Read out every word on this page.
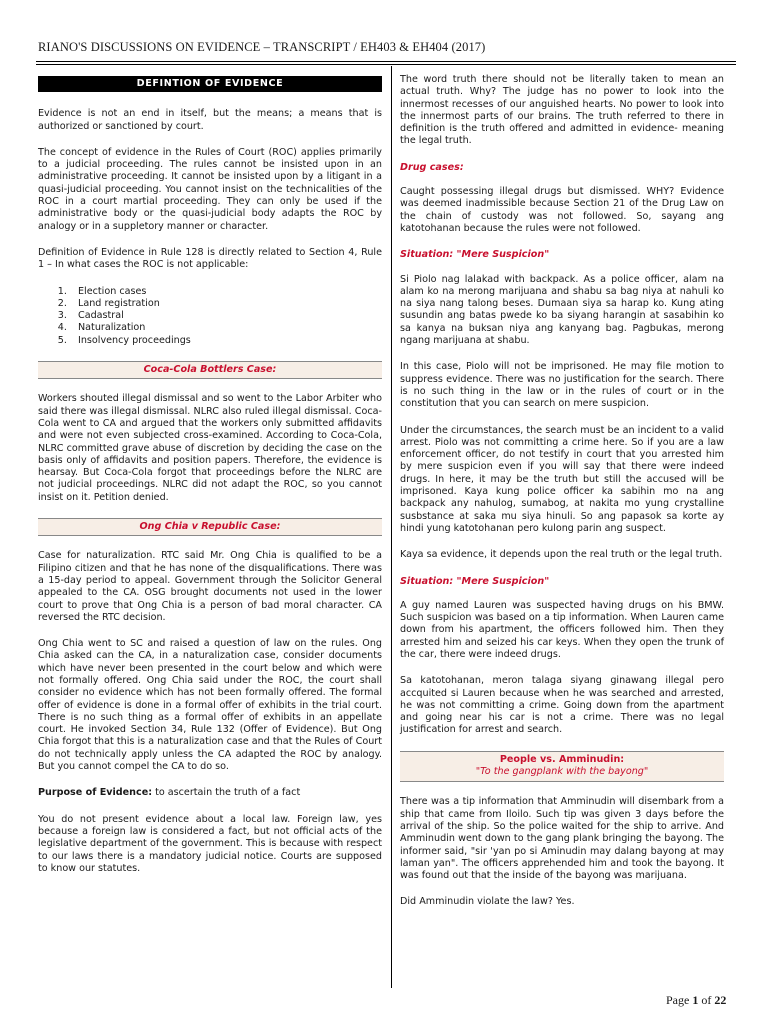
RIANO'S DISCUSSIONS ON EVIDENCE – TRANSCRIPT / EH403 & EH404 (2017)
DEFINTION OF EVIDENCE

Evidence is not an end in itself, but the means; a means that is authorized or sanctioned by court.

The concept of evidence in the Rules of Court (ROC) applies primarily to a judicial proceeding. The rules cannot be insisted upon in an administrative proceeding. It cannot be insisted upon by a litigant in a quasi-judicial proceeding. You cannot insist on the technicalities of the ROC in a court martial proceeding. They can only be used if the administrative body or the quasi-judicial body adapts the ROC by analogy or in a suppletory manner or character.

Definition of Evidence in Rule 128 is directly related to Section 4, Rule 1 – In what cases the ROC is not applicable:

1. Election cases
2. Land registration
3. Cadastral
4. Naturalization
5. Insolvency proceedings
Coca-Cola Bottlers Case:

Workers shouted illegal dismissal and so went to the Labor Arbiter who said there was illegal dismissal. NLRC also ruled illegal dismissal. Coca-Cola went to CA and argued that the workers only submitted affidavits and were not even subjected cross-examined. According to Coca-Cola, NLRC committed grave abuse of discretion by deciding the case on the basis only of affidavits and position papers. Therefore, the evidence is hearsay. But Coca-Cola forgot that proceedings before the NLRC are not judicial proceedings. NLRC did not adapt the ROC, so you cannot insist on it. Petition denied.

Ong Chia v Republic Case:

Case for naturalization. RTC said Mr. Ong Chia is qualified to be a Filipino citizen and that he has none of the disqualifications. There was a 15-day period to appeal. Government through the Solicitor General appealed to the CA. OSG brought documents not used in the lower court to prove that Ong Chia is a person of bad moral character. CA reversed the RTC decision.

Ong Chia went to SC and raised a question of law on the rules. Ong Chia asked can the CA, in a naturalization case, consider documents which have never been presented in the court below and which were not formally offered. Ong Chia said under the ROC, the court shall consider no evidence which has not been formally offered. The formal offer of evidence is done in a formal offer of exhibits in the trial court. There is no such thing as a formal offer of exhibits in an appellate court. He invoked Section 34, Rule 132 (Offer of Evidence). But Ong Chia forgot that this is a naturalization case and that the Rules of Court do not technically apply unless the CA adapted the ROC by analogy. But you cannot compel the CA to do so.

Purpose of Evidence: to ascertain the truth of a fact

You do not present evidence about a local law. Foreign law, yes because a foreign law is considered a fact, but not official acts of the legislative department of the government. This is because with respect to our laws there is a mandatory judicial notice. Courts are supposed to know our statutes.

The word truth there should not be literally taken to mean an actual truth. Why? The judge has no power to look into the innermost recesses of our anguished hearts. No power to look into the innermost parts of our brains. The truth referred to there in definition is the truth offered and admitted in evidence- meaning the legal truth.

Drug cases:

Caught possessing illegal drugs but dismissed. WHY? Evidence was deemed inadmissible because Section 21 of the Drug Law on the chain of custody was not followed. So, sayang ang katotohanan because the rules were not followed.

Situation: "Mere Suspicion"

Si Piolo nag lalakad with backpack. As a police officer, alam na alam ko na merong marijuana and shabu sa bag niya at nahuli ko na siya nang talong beses. Dumaan siya sa harap ko. Kung ating susundin ang batas pwede ko ba siyang harangin at sasabihin ko sa kanya na buksan niya ang kanyang bag. Pagbukas, merong ngang marijuana at shabu.

In this case, Piolo will not be imprisoned. He may file motion to suppress evidence. There was no justification for the search. There is no such thing in the law or in the rules of court or in the constitution that you can search on mere suspicion.

Under the circumstances, the search must be an incident to a valid arrest. Piolo was not committing a crime here. So if you are a law enforcement officer, do not testify in court that you arrested him by mere suspicion even if you will say that there were indeed drugs. In here, it may be the truth but still the accused will be imprisoned. Kaya kung police officer ka sabihin mo na ang backpack any nahulog, sumabog, at nakita mo yung crystalline susbstance at saka mu siya hinuli. So ang papasok sa korte ay hindi yung katotohanan pero kulong parin ang suspect.

Kaya sa evidence, it depends upon the real truth or the legal truth.

Situation: "Mere Suspicion"

A guy named Lauren was suspected having drugs on his BMW. Such suspicion was based on a tip information. When Lauren came down from his apartment, the officers followed him. Then they arrested him and seized his car keys. When they open the trunk of the car, there were indeed drugs.

Sa katotohanan, meron talaga siyang ginawang illegal pero accquited si Lauren because when he was searched and arrested, he was not committing a crime. Going down from the apartment and going near his car is not a crime. There was no legal justification for arrest and search.

People vs. Amminudin:
"To the gangplank with the bayong"

There was a tip information that Amminudin will disembark from a ship that came from Iloilo. Such tip was given 3 days before the arrival of the ship. So the police waited for the ship to arrive. And Amminudin went down to the gang plank bringing the bayong. The informer said, "sir 'yan po si Aminudin may dalang bayong at may laman yan". The officers apprehended him and took the bayong. It was found out that the inside of the bayong was marijuana.

Did Amminudin violate the law? Yes.

Page 1 of 22
